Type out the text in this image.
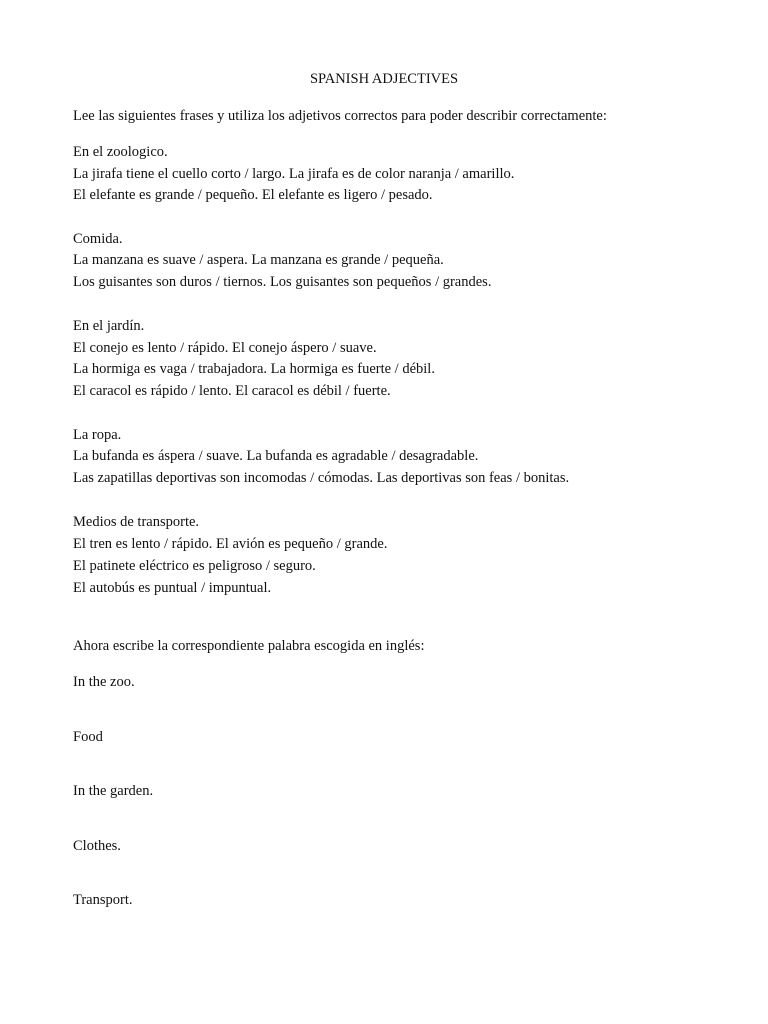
SPANISH ADJECTIVES
Lee las siguientes frases y utiliza los adjetivos correctos para poder describir correctamente:
En el zoologico.
La jirafa tiene el cuello corto / largo. La jirafa es de color naranja / amarillo.
El elefante es grande / pequeño. El elefante es ligero / pesado.
Comida.
La manzana es suave / aspera. La manzana es grande / pequeña.
Los guisantes son duros / tiernos. Los guisantes son pequeños / grandes.
En el jardín.
El conejo es lento / rápido. El conejo áspero / suave.
La hormiga es vaga / trabajadora. La hormiga es fuerte / débil.
El caracol es rápido / lento. El caracol es débil / fuerte.
La ropa.
La bufanda es áspera / suave. La bufanda es agradable / desagradable.
Las zapatillas deportivas son incomodas / cómodas. Las deportivas son feas / bonitas.
Medios de transporte.
El tren es lento / rápido. El avión es pequeño / grande.
El patinete eléctrico es peligroso / seguro.
El autobús es puntual / impuntual.
Ahora escribe la correspondiente palabra escogida en inglés:
In the zoo.
Food
In the garden.
Clothes.
Transport.
